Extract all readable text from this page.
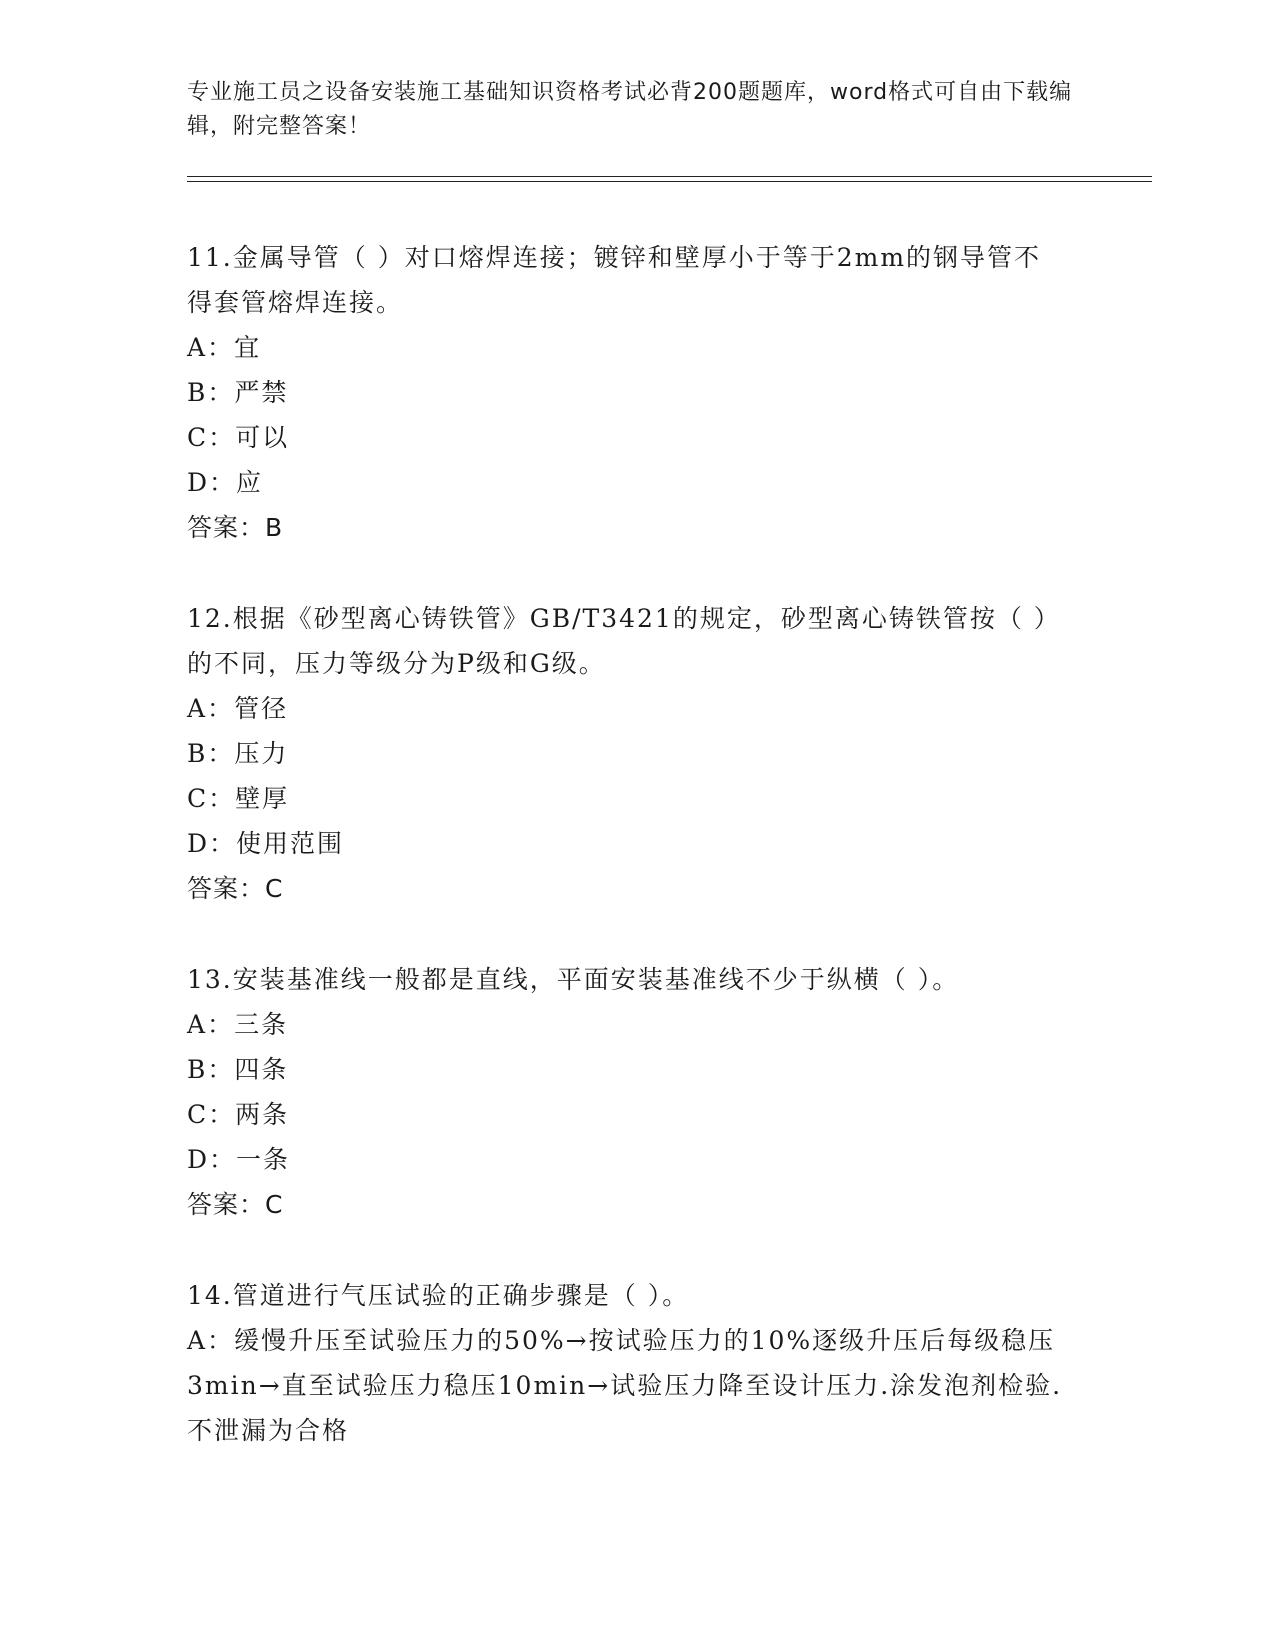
专业施工员之设备安装施工基础知识资格考试必背200题题库，word格式可自由下载编辑，附完整答案！

11.金属导管（ ）对口熔焊连接；镀锌和壁厚小于等于2mm的钢导管不得套管熔焊连接。

A：宜

B：严禁

C：可以

D：应

答案：B

12.根据《砂型离心铸铁管》GB/T3421的规定，砂型离心铸铁管按（ ）的不同，压力等级分为P级和G级。

A：管径

B：压力

C：壁厚

D：使用范围

答案：C

13.安装基准线一般都是直线，平面安装基准线不少于纵横（ ）。

A：三条

B：四条

C：两条

D：一条

答案：C

14.管道进行气压试验的正确步骤是（ ）。

A：缓慢升压至试验压力的50%→按试验压力的10%逐级升压后每级稳压3min→直至试验压力稳压10min→试验压力降至设计压力.涂发泡剂检验.不泄漏为合格
